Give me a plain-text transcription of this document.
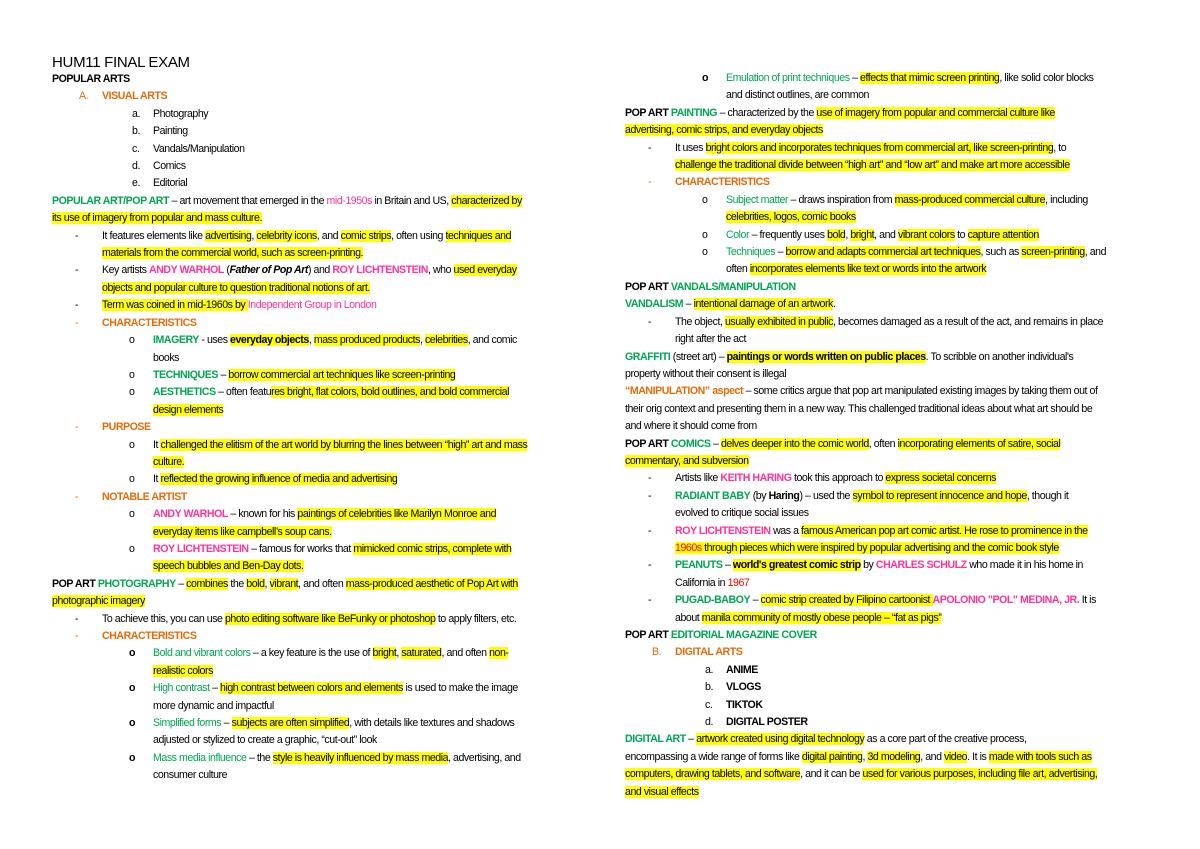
HUM11 FINAL EXAM
POPULAR ARTS
A. VISUAL ARTS
a. Photography
b. Painting
c. Vandals/Manipulation
d. Comics
e. Editorial
POPULAR ART/POP ART – art movement that emerged in the mid-1950s in Britain and US, characterized by
its use of imagery from popular and mass culture.
- It features elements like advertising, celebrity icons, and comic strips, often using techniques and
materials from the commercial world, such as screen-printing.
- Key artists ANDY WARHOL (Father of Pop Art) and ROY LICHTENSTEIN, who used everyday
objects and popular culture to question traditional notions of art.
- Term was coined in mid-1960s by Independent Group in London
- CHARACTERISTICS
o IMAGERY - uses everyday objects, mass produced products, celebrities, and comic
books
o TECHNIQUES – borrow commercial art techniques like screen-printing
o AESTHETICS – often features bright, flat colors, bold outlines, and bold commercial
design elements
- PURPOSE
o It challenged the elitism of the art world by blurring the lines between “high” art and mass
culture.
o It reflected the growing influence of media and advertising
- NOTABLE ARTIST
o ANDY WARHOL – known for his paintings of celebrities like Marilyn Monroe and
everyday items like campbell’s soup cans.
o ROY LICHTENSTEIN – famous for works that mimicked comic strips, complete with
speech bubbles and Ben-Day dots.
POP ART PHOTOGRAPHY – combines the bold, vibrant, and often mass-produced aesthetic of Pop Art with
photographic imagery
- To achieve this, you can use photo editing software like BeFunky or photoshop to apply filters, etc.
- CHARACTERISTICS
o Bold and vibrant colors – a key feature is the use of bright, saturated, and often non-
realistic colors
o High contrast – high contrast between colors and elements is used to make the image
more dynamic and impactful
o Simplified forms – subjects are often simplified, with details like textures and shadows
adjusted or stylized to create a graphic, “cut-out” look
o Mass media influence – the style is heavily influenced by mass media, advertising, and
consumer culture
o Emulation of print techniques – effects that mimic screen printing, like solid color blocks
and distinct outlines, are common
POP ART PAINTING – characterized by the use of imagery from popular and commercial culture like
advertising, comic strips, and everyday objects
- It uses bright colors and incorporates techniques from commercial art, like screen-printing, to
challenge the traditional divide between “high art” and “low art” and make art more accessible
- CHARACTERISTICS
o Subject matter – draws inspiration from mass-produced commercial culture, including
celebrities, logos, comic books
o Color – frequently uses bold, bright, and vibrant colors to capture attention
o Techniques – borrow and adapts commercial art techniques, such as screen-printing, and
often incorporates elements like text or words into the artwork
POP ART VANDALS/MANIPULATION
VANDALISM – intentional damage of an artwork.
- The object, usually exhibited in public, becomes damaged as a result of the act, and remains in place
right after the act
GRAFFITI (street art) – paintings or words written on public places. To scribble on another individual's
property without their consent is illegal
“MANIPULATION” aspect – some critics argue that pop art manipulated existing images by taking them out of
their orig context and presenting them in a new way. This challenged traditional ideas about what art should be
and where it should come from
POP ART COMICS – delves deeper into the comic world, often incorporating elements of satire, social
commentary, and subversion
- Artists like KEITH HARING took this approach to express societal concerns
- RADIANT BABY (by Haring) – used the symbol to represent innocence and hope, though it
evolved to critique social issues
- ROY LICHTENSTEIN was a famous American pop art comic artist. He rose to prominence in the
1960s through pieces which were inspired by popular advertising and the comic book style
- PEANUTS – world's greatest comic strip by CHARLES SCHULZ who made it in his home in
California in 1967
- PUGAD-BABOY – comic strip created by Filipino cartoonist APOLONIO "POL" MEDINA, JR. It is
about manila community of mostly obese people – “fat as pigs”
POP ART EDITORIAL MAGAZINE COVER
B. DIGITAL ARTS
a. ANIME
b. VLOGS
c. TIKTOK
d. DIGITAL POSTER
DIGITAL ART – artwork created using digital technology as a core part of the creative process,
encompassing a wide range of forms like digital painting, 3d modeling, and video. It is made with tools such as
computers, drawing tablets, and software, and it can be used for various purposes, including file art, advertising,
and visual effects
